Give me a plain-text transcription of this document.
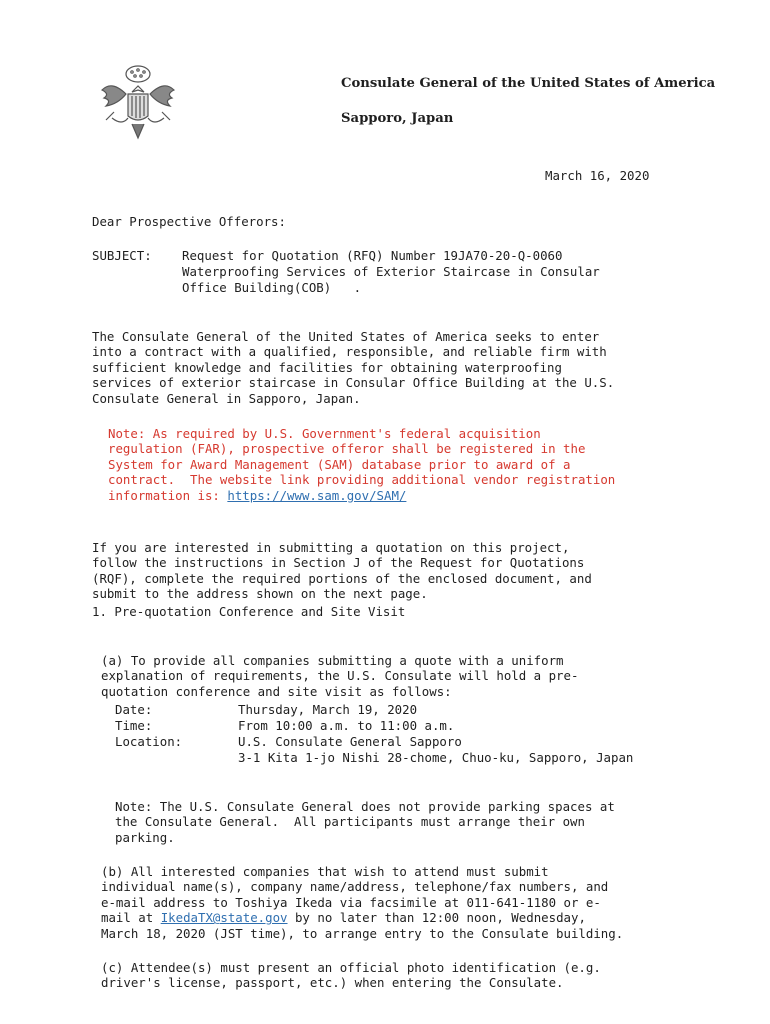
Consulate General of the United States of America
Sapporo, Japan
March 16, 2020
Dear Prospective Offerors:
SUBJECT: Request for Quotation (RFQ) Number 19JA70-20-Q-0060
Waterproofing Services of Exterior Staircase in Consular
Office Building(COB)   .

The Consulate General of the United States of America seeks to enter
into a contract with a qualified, responsible, and reliable firm with
sufficient knowledge and facilities for obtaining waterproofing
services of exterior staircase in Consular Office Building at the U.S.
Consulate General in Sapporo, Japan.

Note: As required by U.S. Government's federal acquisition
regulation (FAR), prospective offeror shall be registered in the
System for Award Management (SAM) database prior to award of a
contract.  The website link providing additional vendor registration
information is: https://www.sam.gov/SAM/

If you are interested in submitting a quotation on this project,
follow the instructions in Section J of the Request for Quotations
(RQF), complete the required portions of the enclosed document, and
submit to the address shown on the next page.

1. Pre-quotation Conference and Site Visit

(a) To provide all companies submitting a quote with a uniform
explanation of requirements, the U.S. Consulate will hold a pre-
quotation conference and site visit as follows:

Date:	Thursday, March 19, 2020
Time:	From 10:00 a.m. to 11:00 a.m.
Location:	U.S. Consulate General Sapporo
3-1 Kita 1-jo Nishi 28-chome, Chuo-ku, Sapporo, Japan

Note: The U.S. Consulate General does not provide parking spaces at
the Consulate General.  All participants must arrange their own
parking.

(b) All interested companies that wish to attend must submit
individual name(s), company name/address, telephone/fax numbers, and
e-mail address to Toshiya Ikeda via facsimile at 011-641-1180 or e-
mail at IkedaTX@state.gov by no later than 12:00 noon, Wednesday,
March 18, 2020 (JST time), to arrange entry to the Consulate building.

(c) Attendee(s) must present an official photo identification (e.g.
driver's license, passport, etc.) when entering the Consulate.
